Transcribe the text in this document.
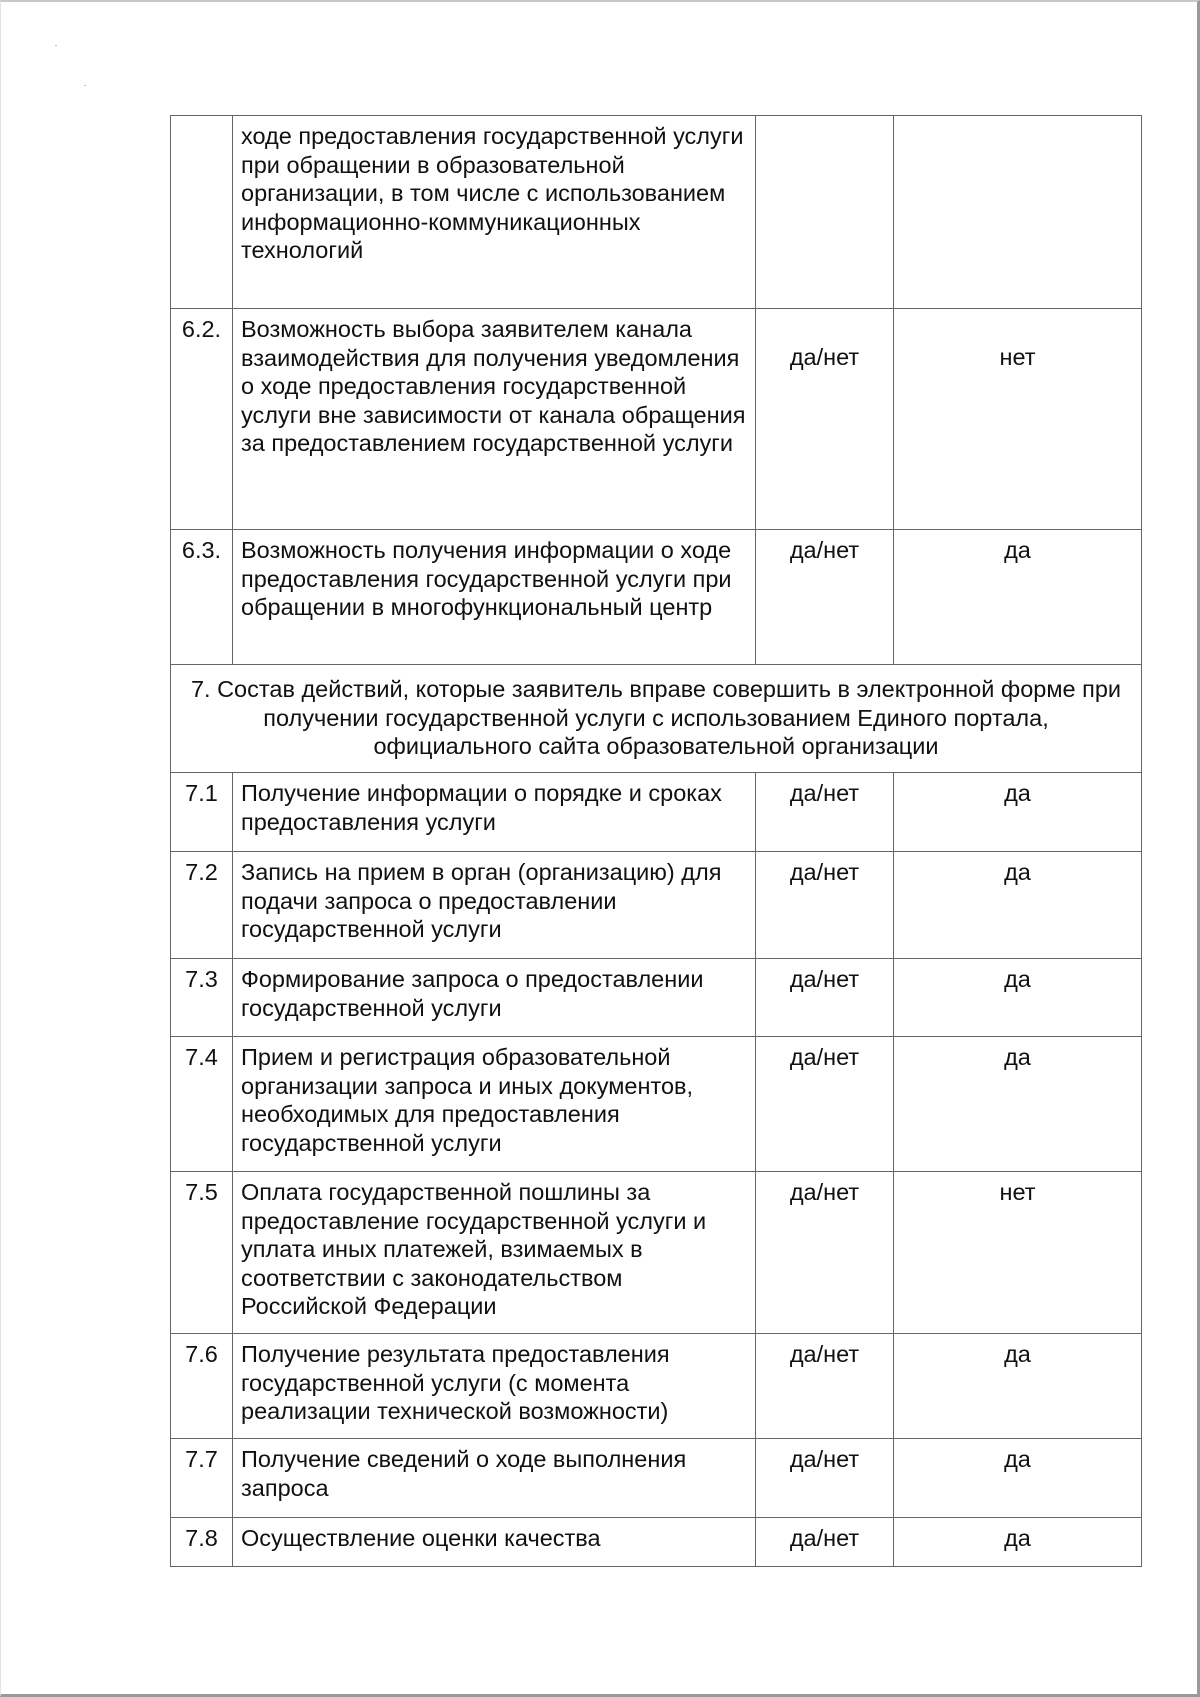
	ходе предоставления государственной услуги при обращении в образовательной организации, в том числе с использованием информационно-коммуникационных технологий		
6.2.	Возможность выбора заявителем канала взаимодействия для получения уведомления о ходе предоставления государственной услуги вне зависимости от канала обращения за предоставлением государственной услуги	да/нет	нет
6.3.	Возможность получения информации о ходе предоставления государственной услуги при обращении в многофункциональный центр	да/нет	да
7. Состав действий, которые заявитель вправе совершить в электронной форме при получении государственной услуги с использованием Единого портала, официального сайта образовательной организации			
7.1	Получение информации о порядке и сроках предоставления услуги	да/нет	да
7.2	Запись на прием в орган (организацию) для подачи запроса о предоставлении государственной услуги	да/нет	да
7.3	Формирование запроса о предоставлении государственной услуги	да/нет	да
7.4	Прием и регистрация образовательной организации запроса и иных документов, необходимых для предоставления государственной услуги	да/нет	да
7.5	Оплата государственной пошлины за предоставление государственной услуги и уплата иных платежей, взимаемых в соответствии с законодательством Российской Федерации	да/нет	нет
7.6	Получение результата предоставления государственной услуги (с момента реализации технической возможности)	да/нет	да
7.7	Получение сведений о ходе выполнения запроса	да/нет	да
7.8	Осуществление оценки качества	да/нет	да
